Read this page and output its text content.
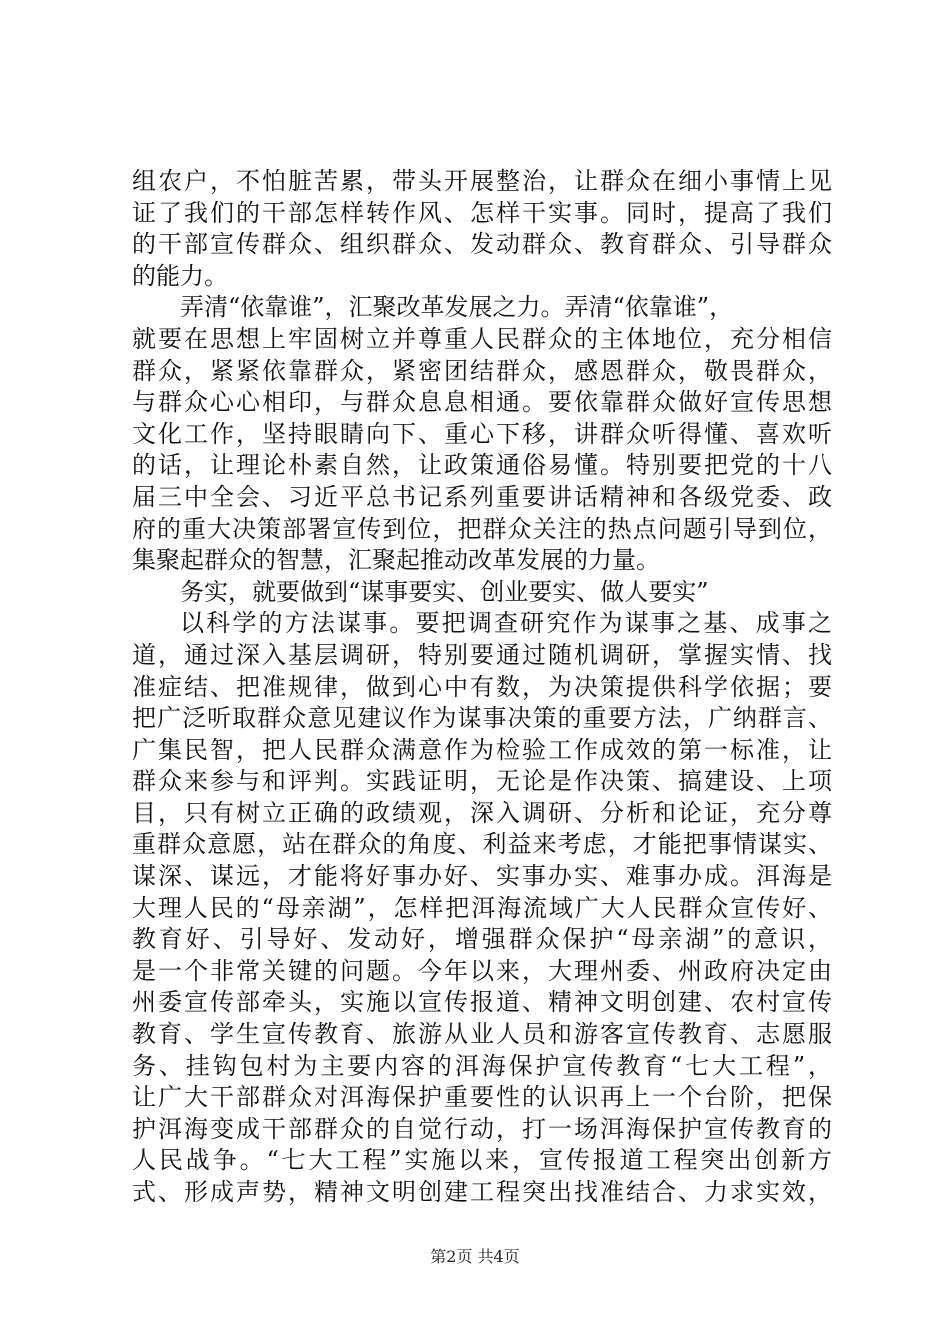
组农户，不怕脏苦累，带头开展整治，让群众在细小事情上见
证了我们的干部怎样转作风、怎样干实事。同时，提高了我们
的干部宣传群众、组织群众、发动群众、教育群众、引导群众
的能力。
弄清“依靠谁”，汇聚改革发展之力。弄清“依靠谁”，
就要在思想上牢固树立并尊重人民群众的主体地位，充分相信
群众，紧紧依靠群众，紧密团结群众，感恩群众，敬畏群众，
与群众心心相印，与群众息息相通。要依靠群众做好宣传思想
文化工作，坚持眼睛向下、重心下移，讲群众听得懂、喜欢听
的话，让理论朴素自然，让政策通俗易懂。特别要把党的十八
届三中全会、习近平总书记系列重要讲话精神和各级党委、政
府的重大决策部署宣传到位，把群众关注的热点问题引导到位，
集聚起群众的智慧，汇聚起推动改革发展的力量。
务实，就要做到“谋事要实、创业要实、做人要实”
以科学的方法谋事。要把调查研究作为谋事之基、成事之
道，通过深入基层调研，特别要通过随机调研，掌握实情、找
准症结、把准规律，做到心中有数，为决策提供科学依据；要
把广泛听取群众意见建议作为谋事决策的重要方法，广纳群言、
广集民智，把人民群众满意作为检验工作成效的第一标准，让
群众来参与和评判。实践证明，无论是作决策、搞建设、上项
目，只有树立正确的政绩观，深入调研、分析和论证，充分尊
重群众意愿，站在群众的角度、利益来考虑，才能把事情谋实、
谋深、谋远，才能将好事办好、实事办实、难事办成。洱海是
大理人民的“母亲湖”，怎样把洱海流域广大人民群众宣传好、
教育好、引导好、发动好，增强群众保护“母亲湖”的意识，
是一个非常关键的问题。今年以来，大理州委、州政府决定由
州委宣传部牵头，实施以宣传报道、精神文明创建、农村宣传
教育、学生宣传教育、旅游从业人员和游客宣传教育、志愿服
务、挂钩包村为主要内容的洱海保护宣传教育“七大工程”，
让广大干部群众对洱海保护重要性的认识再上一个台阶，把保
护洱海变成干部群众的自觉行动，打一场洱海保护宣传教育的
人民战争。“七大工程”实施以来，宣传报道工程突出创新方
式、形成声势，精神文明创建工程突出找准结合、力求实效，
第2页 共4页
